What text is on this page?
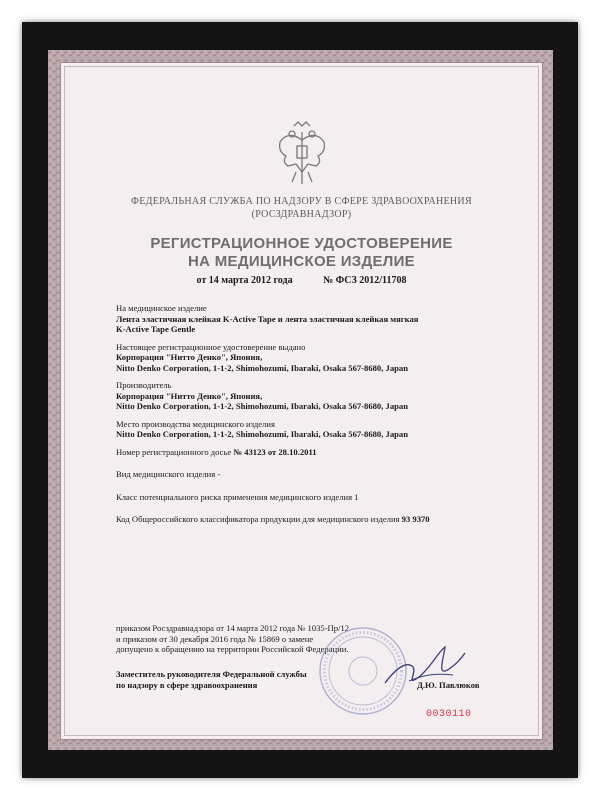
ФЕДЕРАЛЬНАЯ СЛУЖБА ПО НАДЗОРУ В СФЕРЕ ЗДРАВООХРАНЕНИЯ
(РОСЗДРАВНАДЗОР)
РЕГИСТРАЦИОННОЕ УДОСТОВЕРЕНИЕ
НА МЕДИЦИНСКОЕ ИЗДЕЛИЕ
от 14 марта 2012 года	№ ФСЗ 2012/11708
На медицинское изделие
Лента эластичная клейкая K-Active Tape и лента эластичная клейкая мягкая
K-Active Tape Gentle
Настоящее регистрационное удостоверение выдано
Корпорация "Нитто Денко", Япония,
Nitto Denko Corporation, 1-1-2, Shimohozumi, Ibaraki, Osaka 567-8680, Japan
Производитель
Корпорация "Нитто Денко", Япония,
Nitto Denko Corporation, 1-1-2, Shimohozumi, Ibaraki, Osaka 567-8680, Japan
Место производства медицинского изделия
Nitto Denko Corporation, 1-1-2, Shimohozumi, Ibaraki, Osaka 567-8680, Japan
Номер регистрационного досье № 43123 от 28.10.2011
Вид медицинского изделия -
Класс потенциального риска применения медицинского изделия 1
Код Общероссийского классификатора продукции для медицинского изделия 93 9370
приказом Росздравнадзора от 14 марта 2012 года № 1035-Пр/12
и приказом от 30 декабря 2016 года № 15869 о замене
допущено к обращению на территории Российской Федерации.
Заместитель руководителя Федеральной службы
по надзору в сфере здравоохранения	Д.Ю. Павлюков
0030110
